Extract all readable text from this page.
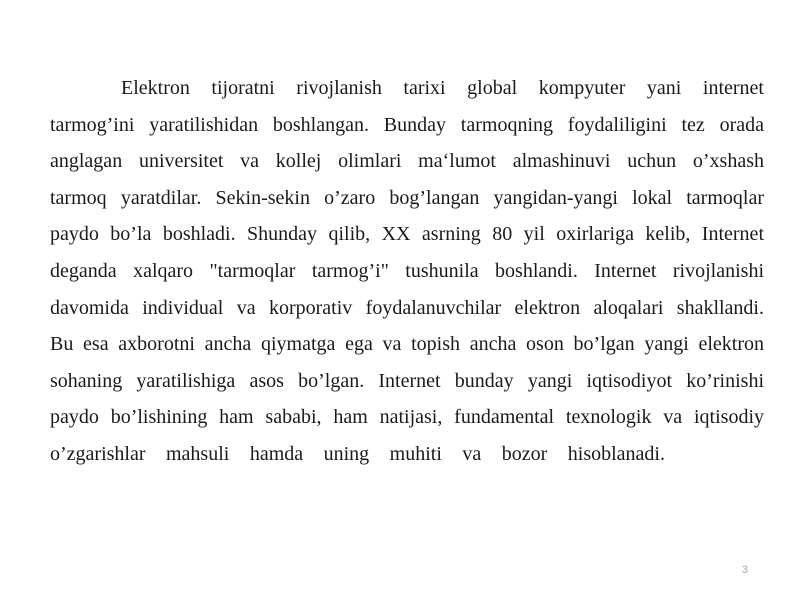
Elektron tijoratni rivojlanish tarixi global kompyuter yani internet
tarmog’ini yaratilishidan boshlangan. Bunday tarmoqning foydaliligini tez orada
anglagan universitet va kollej olimlari ma‘lumot almashinuvi uchun o’xshash
tarmoq yaratdilar. Sekin-sekin o’zaro bog’langan yangidan-yangi lokal tarmoqlar
paydo bo’la boshladi. Shunday qilib, XX asrning 80 yil oxirlariga kelib, Internet
deganda xalqaro "tarmoqlar tarmog’i" tushunila boshlandi. Internet rivojlanishi
davomida individual va korporativ foydalanuvchilar elektron aloqalari shakllandi.
Bu esa axborotni ancha qiymatga ega va topish ancha oson bo’lgan yangi elektron
sohaning yaratilishiga asos bo’lgan. Internet bunday yangi iqtisodiyot ko’rinishi
paydo bo’lishining ham sababi, ham natijasi, fundamental texnologik va iqtisodiy
o’zgarishlar mahsuli hamda uning muhiti va bozor hisoblanadi.
3
